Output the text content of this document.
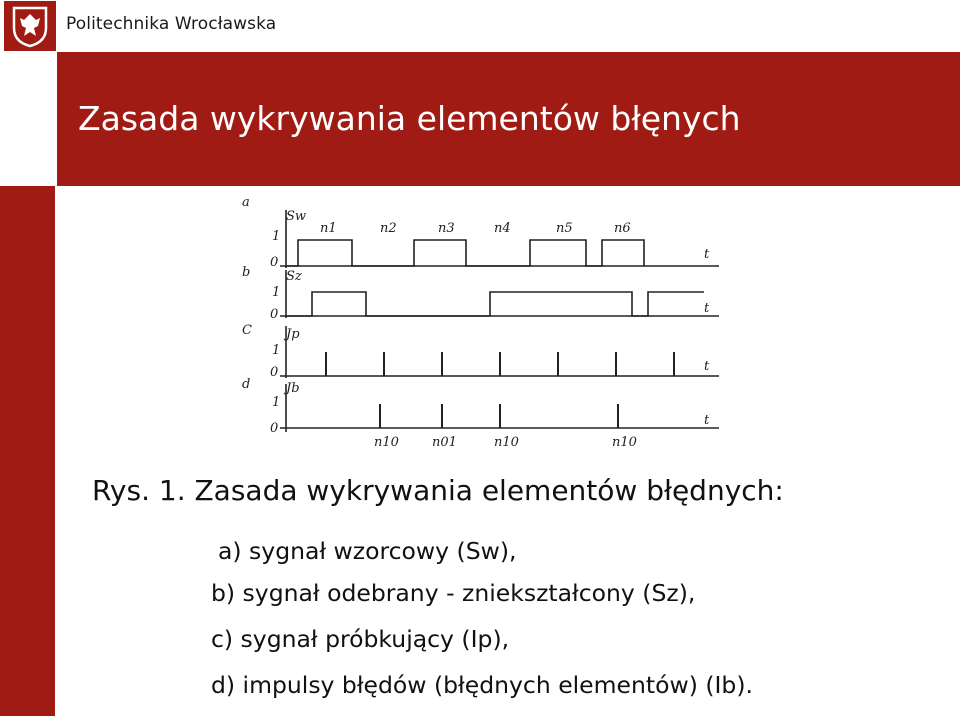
Politechnika Wrocławska
Zasada wykrywania elementów błęnych
a
Sw
1
0
t
n1	n2	n3	n4	n5	n6
b	Sz
1
0	t
C	Jp
1
0	t
d	Jb
1
0
t
n10	n01	n10	n10
Rys. 1. Zasada wykrywania elementów błędnych:
a) sygnał wzorcowy (Sw),
b) sygnał odebrany - zniekształcony (Sz),
c) sygnał próbkujący (Ip),
d) impulsy błędów (błędnych elementów) (Ib).
